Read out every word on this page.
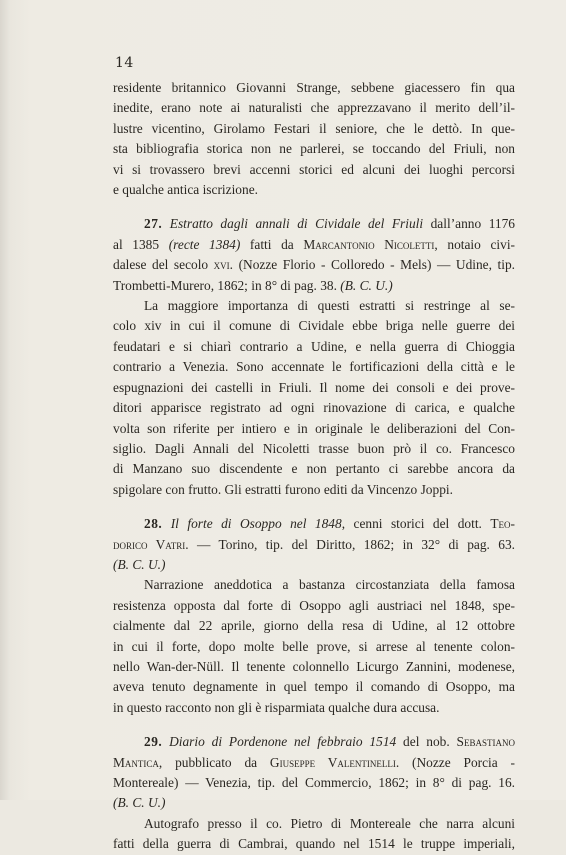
14

residente britannico Giovanni Strange, sebbene giacessero fin qua
inedite, erano note ai naturalisti che apprezzavano il merito dell’il-
lustre vicentino, Girolamo Festari il seniore, che le dettò. In que-
sta bibliografia storica non ne parlerei, se toccando del Friuli, non
vi si trovassero brevi accenni storici ed alcuni dei luoghi percorsi
e qualche antica iscrizione.

27. Estratto dagli annali di Cividale del Friuli dall’anno 1176
al 1385 (recte 1384) fatti da Marcantonio Nicoletti, notaio civi-
dalese del secolo xvi. (Nozze Florio - Colloredo - Mels) — Udine, tip.
Trombetti-Murero, 1862; in 8° di pag. 38. (B. C. U.)
La maggiore importanza di questi estratti si restringe al se-
colo xiv in cui il comune di Cividale ebbe briga nelle guerre dei
feudatari e si chiarì contrario a Udine, e nella guerra di Chioggia
contrario a Venezia. Sono accennate le fortificazioni della città e le
espugnazioni dei castelli in Friuli. Il nome dei consoli e dei prove-
ditori apparisce registrato ad ogni rinovazione di carica, e qualche
volta son riferite per intiero e in originale le deliberazioni del Con-
siglio. Dagli Annali del Nicoletti trasse buon prò il co. Francesco
di Manzano suo discendente e non pertanto ci sarebbe ancora da
spigolare con frutto. Gli estratti furono editi da Vincenzo Joppi.
28. Il forte di Osoppo nel 1848, cenni storici del dott. Teo-
dorico Vatri. — Torino, tip. del Diritto, 1862; in 32° di pag. 63.
(B. C. U.)
Narrazione aneddotica a bastanza circostanziata della famosa
resistenza opposta dal forte di Osoppo agli austriaci nel 1848, spe-
cialmente dal 22 aprile, giorno della resa di Udine, al 12 ottobre
in cui il forte, dopo molte belle prove, si arrese al tenente colon-
nello Wan-der-Nüll. Il tenente colonnello Licurgo Zannini, modenese,
aveva tenuto degnamente in quel tempo il comando di Osoppo, ma
in questo racconto non gli è risparmiata qualche dura accusa.
29. Diario di Pordenone nel febbraio 1514 del nob. Sebastiano
Mantica, pubblicato da Giuseppe Valentinelli. (Nozze Porcia -
Montereale) — Venezia, tip. del Commercio, 1862; in 8° di pag. 16.
(B. C. U.)
Autografo presso il co. Pietro di Montereale che narra alcuni
fatti della guerra di Cambrai, quando nel 1514 le truppe imperiali,
